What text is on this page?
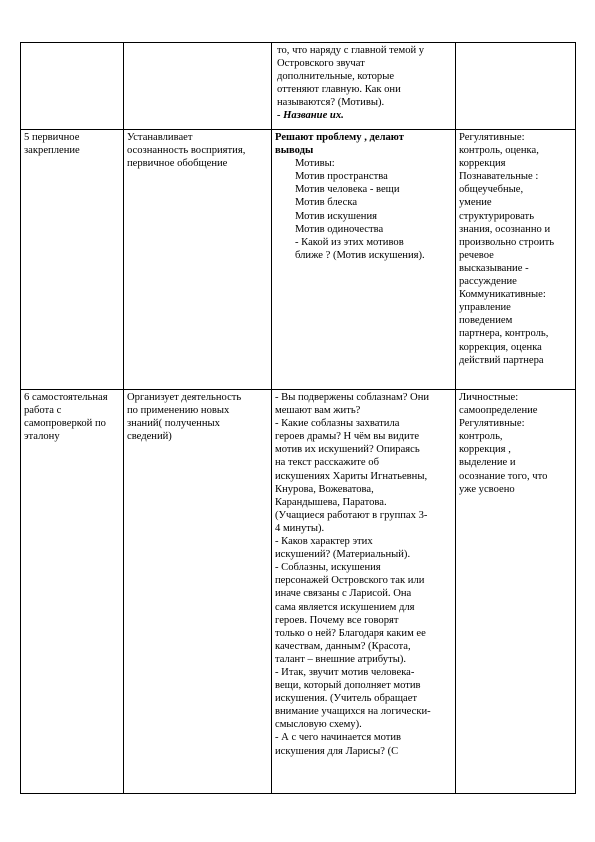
то, что наряду с главной темой у

Островского звучат

дополнительные, которые

оттеняют главную. Как они

называются? (Мотивы).

- Название их.

5 первичное

закрепление

Устанавливает

осознанность восприятия,

первичное обобщение

Решают проблему , делают

выводы

Мотивы:

Мотив пространства

Мотив человека - вещи

Мотив блеска

Мотив искушения

Мотив одиночества

- Какой из этих мотивов

ближе ? (Мотив искушения).

Регулятивные:

контроль, оценка,

коррекция

Познавательные :

общеучебные,

умение

структурировать

знания, осознанно и

произвольно строить

речевое

высказывание -

рассуждение

Коммуникативные:

управление

поведением

партнера, контроль,

коррекция, оценка

действий партнера

6 самостоятельная

работа с

самопроверкой по

эталону

Организует деятельность

по применению новых

знаний( полученных

сведений)

- Вы подвержены соблазнам? Они

мешают вам жить?

- Какие соблазны захватила

героев драмы? Н чём вы видите

мотив их искушений? Опираясь

на текст расскажите об

искушениях Хариты Игнатьевны,

Кнурова, Вожеватова,

Карандышева, Паратова.

(Учащиеся работают в группах 3-

4 минуты).

- Каков характер этих

искушений? (Материальный).

- Соблазны, искушения

персонажей Островского так или

иначе связаны с Ларисой. Она

сама является искушением для

героев. Почему все говорят

только о ней? Благодаря каким ее

качествам, данным? (Красота,

талант – внешние атрибуты).

- Итак, звучит мотив человека-

вещи, который дополняет мотив

искушения. (Учитель обращает

внимание учащихся на логически-

смысловую схему).

- А с чего начинается мотив

искушения для Ларисы? (С

Личностные:

самоопределение

Регулятивные:

контроль,

коррекция ,

выделение и

осознание того, что

уже усвоено
